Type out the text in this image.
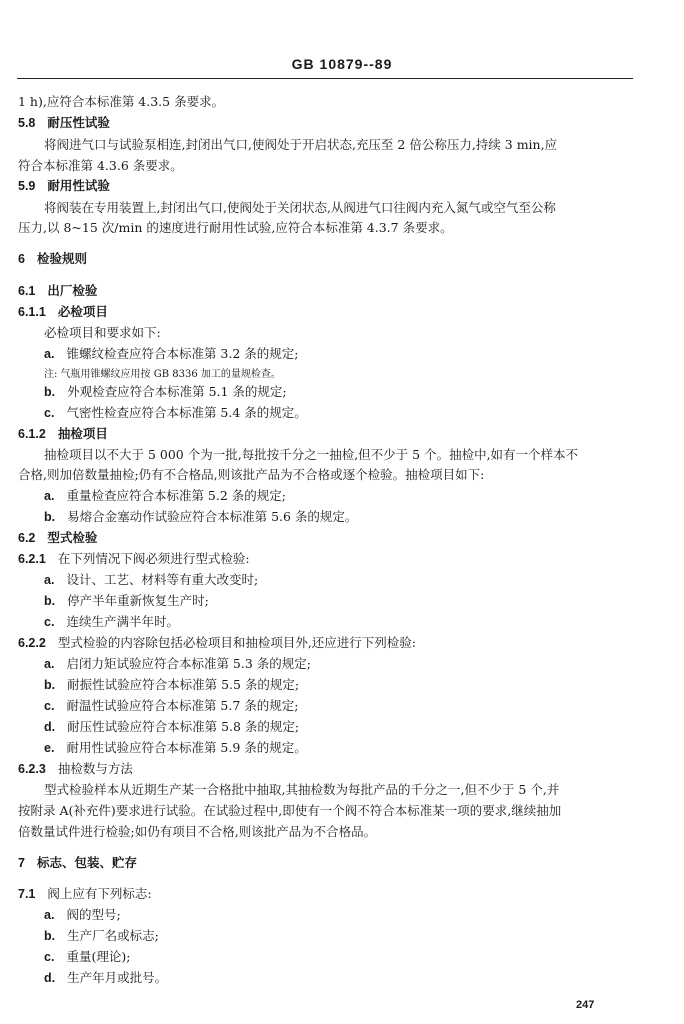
GB 10879--89
1 h),应符合本标准第 4.3.5 条要求。
5.8 耐压性试验
将阀进气口与试验泵相连,封闭出气口,使阀处于开启状态,充压至 2 倍公称压力,持续 3 min,应
符合本标准第 4.3.6 条要求。
5.9 耐用性试验
将阀装在专用装置上,封闭出气口,使阀处于关闭状态,从阀进气口往阀内充入氮气或空气至公称
压力,以 8~15 次/min 的速度进行耐用性试验,应符合本标准第 4.3.7 条要求。
6 检验规则
6.1 出厂检验
6.1.1 必检项目
必检项目和要求如下:
a. 锥螺纹检查应符合本标准第 3.2 条的规定;
注: 气瓶用锥螺纹应用按 GB 8336 加工的量规检查。
b. 外观检查应符合本标准第 5.1 条的规定;
c. 气密性检查应符合本标准第 5.4 条的规定。
6.1.2 抽检项目
抽检项目以不大于 5 000 个为一批,每批按千分之一抽检,但不少于 5 个。抽检中,如有一个样本不
合格,则加倍数量抽检;仍有不合格品,则该批产品为不合格或逐个检验。抽检项目如下:
a. 重量检查应符合本标准第 5.2 条的规定;
b. 易熔合金塞动作试验应符合本标准第 5.6 条的规定。
6.2 型式检验
6.2.1 在下列情况下阀必须进行型式检验:
a. 设计、工艺、材料等有重大改变时;
b. 停产半年重新恢复生产时;
c. 连续生产满半年时。
6.2.2 型式检验的内容除包括必检项目和抽检项目外,还应进行下列检验:
a. 启闭力矩试验应符合本标准第 5.3 条的规定;
b. 耐振性试验应符合本标准第 5.5 条的规定;
c. 耐温性试验应符合本标准第 5.7 条的规定;
d. 耐压性试验应符合本标准第 5.8 条的规定;
e. 耐用性试验应符合本标准第 5.9 条的规定。
6.2.3 抽检数与方法
型式检验样本从近期生产某一合格批中抽取,其抽检数为每批产品的千分之一,但不少于 5 个,并
按附录 A(补充件)要求进行试验。在试验过程中,即使有一个阀不符合本标准某一项的要求,继续抽加
倍数量试件进行检验;如仍有项目不合格,则该批产品为不合格品。
7 标志、包装、贮存
7.1 阀上应有下列标志:
a. 阀的型号;
b. 生产厂名或标志;
c. 重量(理论);
d. 生产年月或批号。
247
